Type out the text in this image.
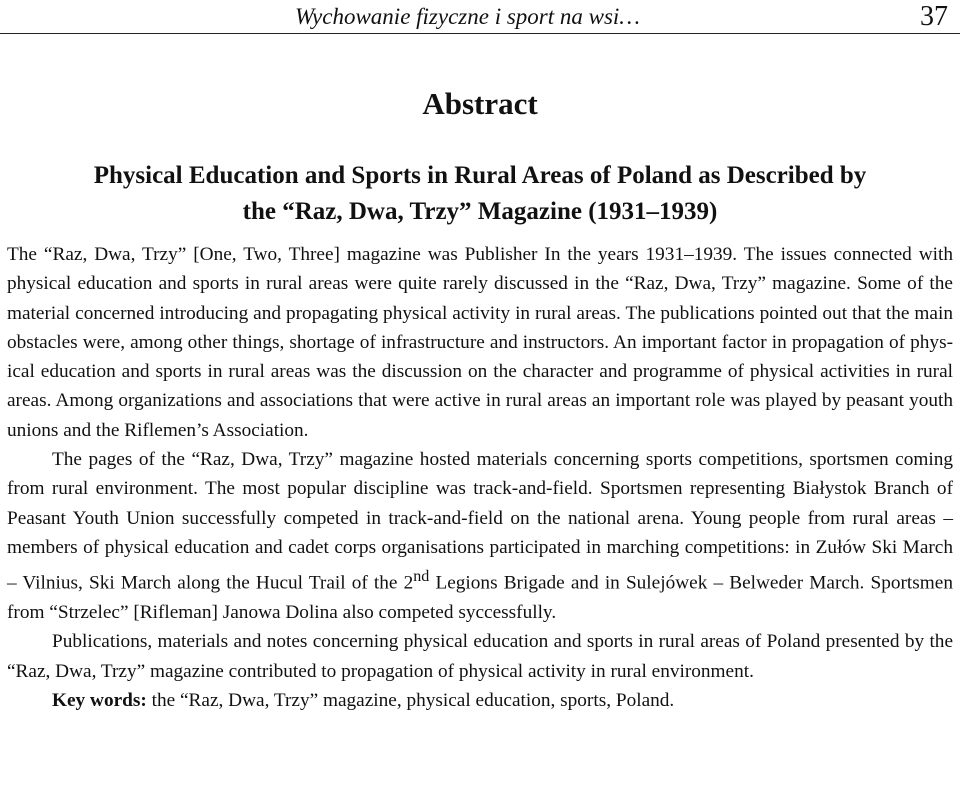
Wychowanie fizyczne i sport na wsi…	37
Abstract
Physical Education and Sports in Rural Areas of Poland as Described by
the “Raz, Dwa, Trzy” Magazine (1931–1939)

The “Raz, Dwa, Trzy” [One, Two, Three] magazine was Publisher In the years 1931–1939. The issues connected with physical education and sports in rural areas were quite rarely discussed in the “Raz, Dwa, Trzy” magazine. Some of the material concerned introducing and propagating physical activity in rural areas. The publications pointed out that the main obstacles were, among other things, shortage of infrastructure and instructors. An important factor in propagation of physical education and sports in rural areas was the discussion on the character and programme of physical activities in rural areas. Among organizations and associations that were active in rural areas an important role was played by peasant youth unions and the Riflemen’s Association.

The pages of the “Raz, Dwa, Trzy” magazine hosted materials concerning sports competitions, sportsmen coming from rural environment. The most popular discipline was track-and-field. Sportsmen representing Białystok Branch of Peasant Youth Union successfully competed in track-and-field on the national arena. Young people from rural areas – members of physical education and cadet corps organisations participated in marching competitions: in Zułów Ski March – Vilnius, Ski March along the Hucul Trail of the 2nd Legions Brigade and in Sulejówek – Belweder March. Sportsmen from “Strzelec” [Rifleman] Janowa Dolina also competed syccessfully.

Publications, materials and notes concerning physical education and sports in rural areas of Poland presented by the “Raz, Dwa, Trzy” magazine contributed to propagation of physical activity in rural environment.

Key words: the “Raz, Dwa, Trzy” magazine, physical education, sports, Poland.
